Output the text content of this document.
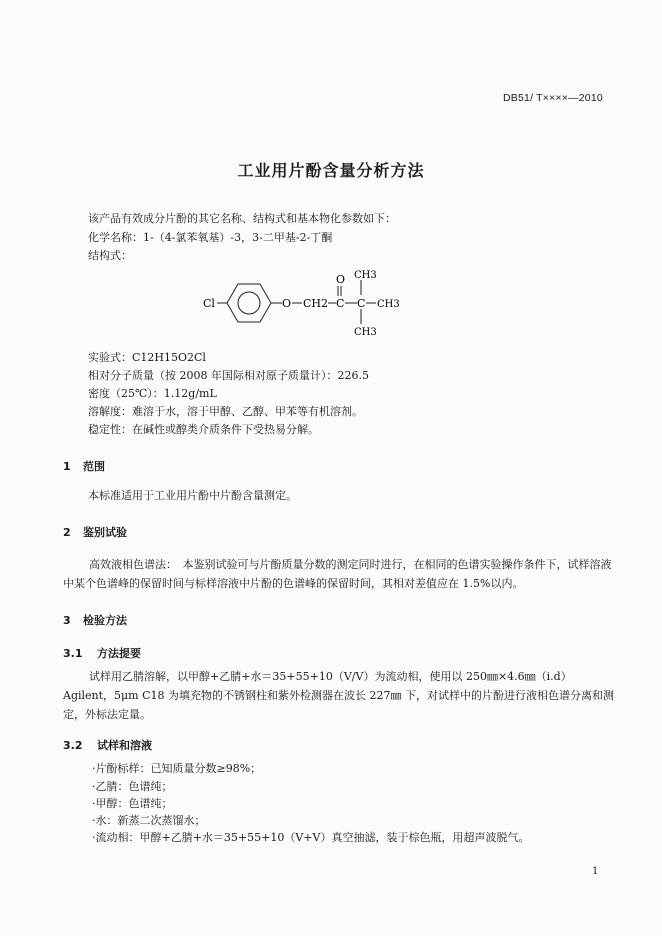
DB51/ T××××—2010
工业用片酚含量分析方法
该产品有效成分片酚的其它名称、结构式和基本物化参数如下：
化学名称：1-（4-氯苯氧基）-3，3-二甲基-2-丁酮
结构式：
Cl	O CH2 C
O
C
CH3
CH3
CH3
实验式：C12H15O2Cl
相对分子质量（按 2008 年国际相对原子质量计）：226.5
密度（25℃）：1.12g/mL
溶解度：难溶于水，溶于甲醇、乙醇、甲苯等有机溶剂。
稳定性：在碱性或醇类介质条件下受热易分解。
1 范围
本标准适用于工业用片酚中片酚含量测定。
2 鉴别试验
高效液相色谱法：　本鉴别试验可与片酚质量分数的测定同时进行，在相同的色谱实验操作条件下，试样溶液中某个色谱峰的保留时间与标样溶液中片酚的色谱峰的保留时间，其相对差值应在 1.5%以内。
3 检验方法
3.1 方法提要
试样用乙腈溶解，以甲醇+乙腈+水＝35+55+10（V/V）为流动相，使用以 250㎜×4.6㎜（i.d）Agilent，5μm C18 为填充物的不锈钢柱和紫外检测器在波长 227㎜ 下，对试样中的片酚进行液相色谱分离和测定，外标法定量。
3.2 试样和溶液
·片酚标样：已知质量分数≥98%；
·乙腈：色谱纯；
·甲醇：色谱纯；
·水：新蒸二次蒸馏水；
·流动相：甲醇+乙腈+水＝35+55+10（V+V）真空抽滤，装于棕色瓶，用超声波脱气。
1
